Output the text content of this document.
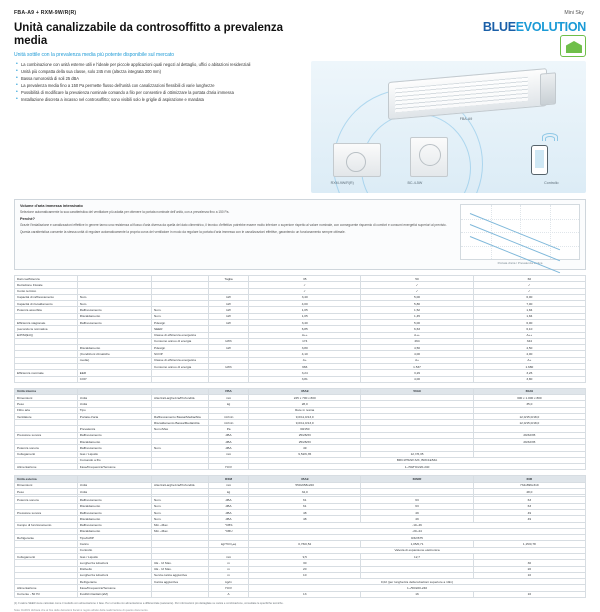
FBA-A9 + RXM-9W/R(R)	Mini Sky
Unità canalizzabile da controsoffitto a prevalenza media
Unità sottile con la prevalenza media più potente disponibile sul mercato
• La combinazione con unità esterne utili e l'ideale per piccole applicazioni quali negozi al dettaglio, uffici o abitazioni residenziali
• Unità più compatta della sua classe, solo 245 mm (altezza integrata 300 mm)
• Bassa rumorosità di soli 25 dBA
• La prevalenza media fino a 150 Pa permette flusso dell'unità con canalizzazioni flessibili di varie lunghezze
• Possibilità di modificare la prevalenza nominale comando a filo per consentire di ottimizzare la portata d'aria immessa
• Installazione discreta a incasso nel controsoffitto; sono visibili solo le griglie di aspirazione e mandata
BLUEEVOLUTION
FBA-A9
RXM-9W/R(R)	BC-4-5W	Controllo
Volume d'aria immessa intensivato
Selezione automaticamente la sua caratteristica del ventilatore più adatta per ottenere la portata nominale dell'unità, con a prevalenza fino a 150 Pa.
Perché?
Grazie l'installazione e canalizzazioni effettive in genere tanno una resistenza al flusso d'aria diversa da quella del dato climentrico, il tecnico d'effettivo potrebbe essere molto inferiore o superiore rispetto al valore nominale, con conseguente risparmio di comfort e consumi energetici superiori al previsto.
Questa caratteristica consente la stessa unità di regolare automaticamente la propria curva del ventilatore in modo da regolare la portata d'aria immessa con le canalizzazioni effettive, garantendo un funzionamento sempre ottimale.
Portata d'aria / Prevalenza statica
Dati coefficienza			Taglia	35	50	60
Detrazione Fiscale				✓	✓	✓
Conto termico				✓	✓	✓
Capacità di raffrescamento	Nom.		kW	3,40	5,00	6,00
Capacità di riscaldamento	Nom.		kW	4,00	5,80	7,00
Potenza assorbita	Raffrescamento	Nom.	kW	1,05	1,52	1,84
	Riscaldamento	Nom.	kW	1,05	1,45	1,84
Efficienza stagionale	Raffrescamento	Pdesign	kW	3,40	5,00	6,00
(secondo la normativa		SEER		6,85	6,63	6,10
ErP/M(EU))		Classe di efficienza energetica		A++	A++	A++
		Consumo annuo di energia	kWh	174	264	344
	Riscaldamento	Pdesign	kW	3,80	4,50	4,50
	(Condizioni climatiche	SCOP		4,10	4,00	4,00
	medie)	Classe di efficienza energetica		A+	A+	A+
		Consumo annuo di energia	kWh	966	1.537	1.680
Efficienza nominale	EER			3,24	3,29	3,26
	COP			3,81	4,00	3,80
Unità interna			FBA	35A9	50A9	60A9
Dimensioni	Unità	Altezza/Larghezza/Profondità	mm	245 x 700 x 800		300 x 1.000 x 800
Peso	Unità		kg	28,0		35,0
Filtro aria	Tipo			Rete in resina		
Ventilatore	Portata d'aria	Raffrescamento Bassa/Media/Alta	m³/min	9,0/11,0/13,0		12,0/15,0/18,0
		Riscaldamento Bassa/Media/Alta	m³/min	9,0/11,0/13,0		12,0/15,0/18,0
	Prevalenza	Nom./Max	Pa	30/150		
Pressione sonora	Raffrescamento		dBA	25/28/33		29/32/35
	Riscaldamento		dBA	25/28/33		29/32/35
Potenza sonora	Raffrescamento	Nom.	dBA	49		
Collegamenti	Gas / Liquido		mm	9,52/6,35	12,7/6,35	
	Comando a filo			BRC1H52W-S/K, BRC1E53A		
Alimentazione	Fase/Frequenza/Tensione		Hz/V	1~/50/Hz/220-240		
Unità esterna			RXM	35A9	60N/R	60R
Dimensioni	Unità	Altezza/Larghezza/Profondità	mm	550x658x220		734x896x319
Peso	Unità		kg	34,0		48,0

Potenza sonora	Raffrescamento	Nom.	dBA	61	63	63
	Riscaldamento	Nom.	dBA	61	63	63
Pressione sonora	Raffrescamento	Nom.	dBA	48	49	49
	Riscaldamento	Nom.	dBA	48	49	49
Campo di funzionamento	Raffrescamento	Min.~Max.	°CBS	-10~46		
	Riscaldamento	Min.~Max.	°CBU	-20~24		
Refrigerante	Tipo/GWP			R32/675		
	Carico		kg/TCO₂eq	0,76/0,52	1,05/0,71	1,15/0,78
	Controllo			Valvola di espansione elettronica		
Collegamenti	Gas / Liquido		mm	9,5	12,7	
	Lunghezza tubazioni	UE - UI Max.	m	30		30
	Dislivello	UE - UI Max.	m	20		20
	Lunghezza tubazioni	Senza carica aggiuntiva	m	10		10
	Refrigerante	Carica aggiuntiva	kg/m	0,02 (per lunghezza della tubazioni superiore a 10m)		
Alimentazione	Fase/Frequenza/Tensione		Hz/V	1~/50/220-240		
Corrente - 50 Hz	Fusibili ritardati (aM)		A	13	16	16
(1) Il valore SEER viene calcolato come il modello con alimentazione 1 fase. Per un'unità con alimentazione a differenziale (saturante). Per informazioni più dettagliate su carica e combinazione, consultate le specifiche tecniche.
Nota: DAIKIN dichiara che al fine delle detrazioni fiscali si regolo all'atto della realizzazione di quanto documento.
